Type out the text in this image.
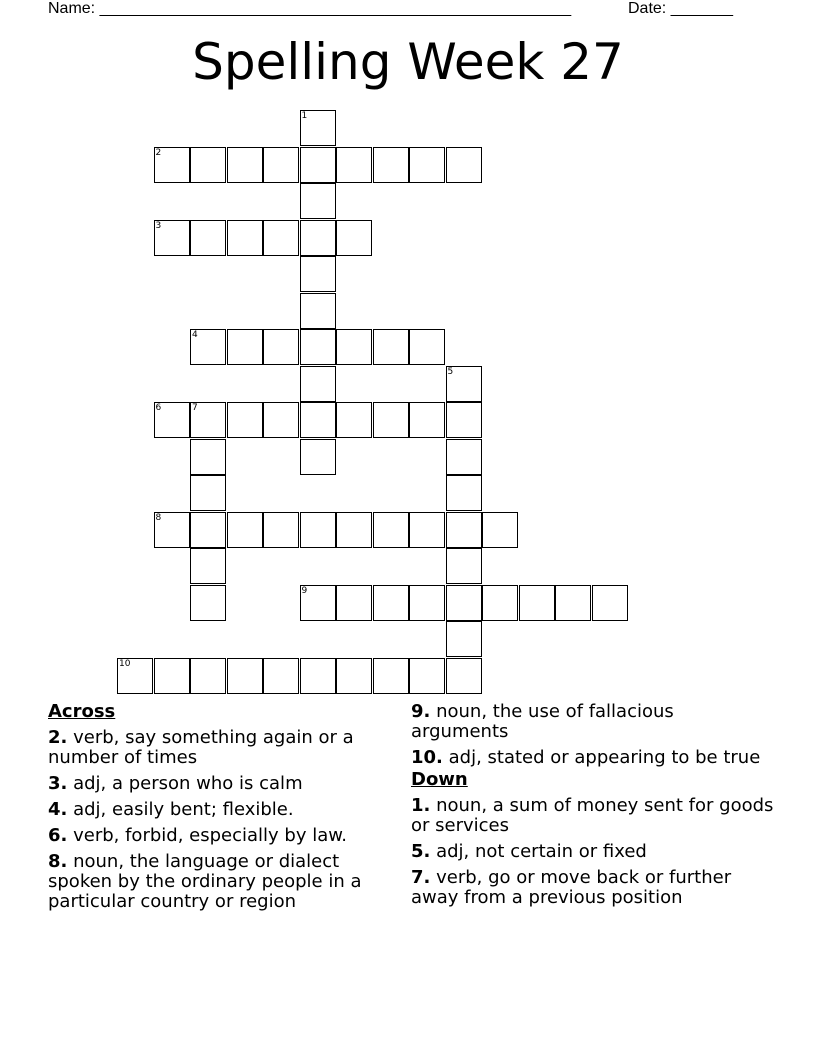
Name: _____________________________________________________	Date: _______
Spelling Week 27
1
2
3
4
5
6	7
8
9
10
Across
2. verb, say something again or a number of times
3. adj, a person who is calm
4. adj, easily bent; flexible.
6. verb, forbid, especially by law.
8. noun, the language or dialect spoken by the ordinary people in a particular country or region
9. noun, the use of fallacious arguments
10. adj, stated or appearing to be true
Down
1. noun, a sum of money sent for goods or services
5. adj, not certain or fixed
7. verb, go or move back or further away from a previous position
